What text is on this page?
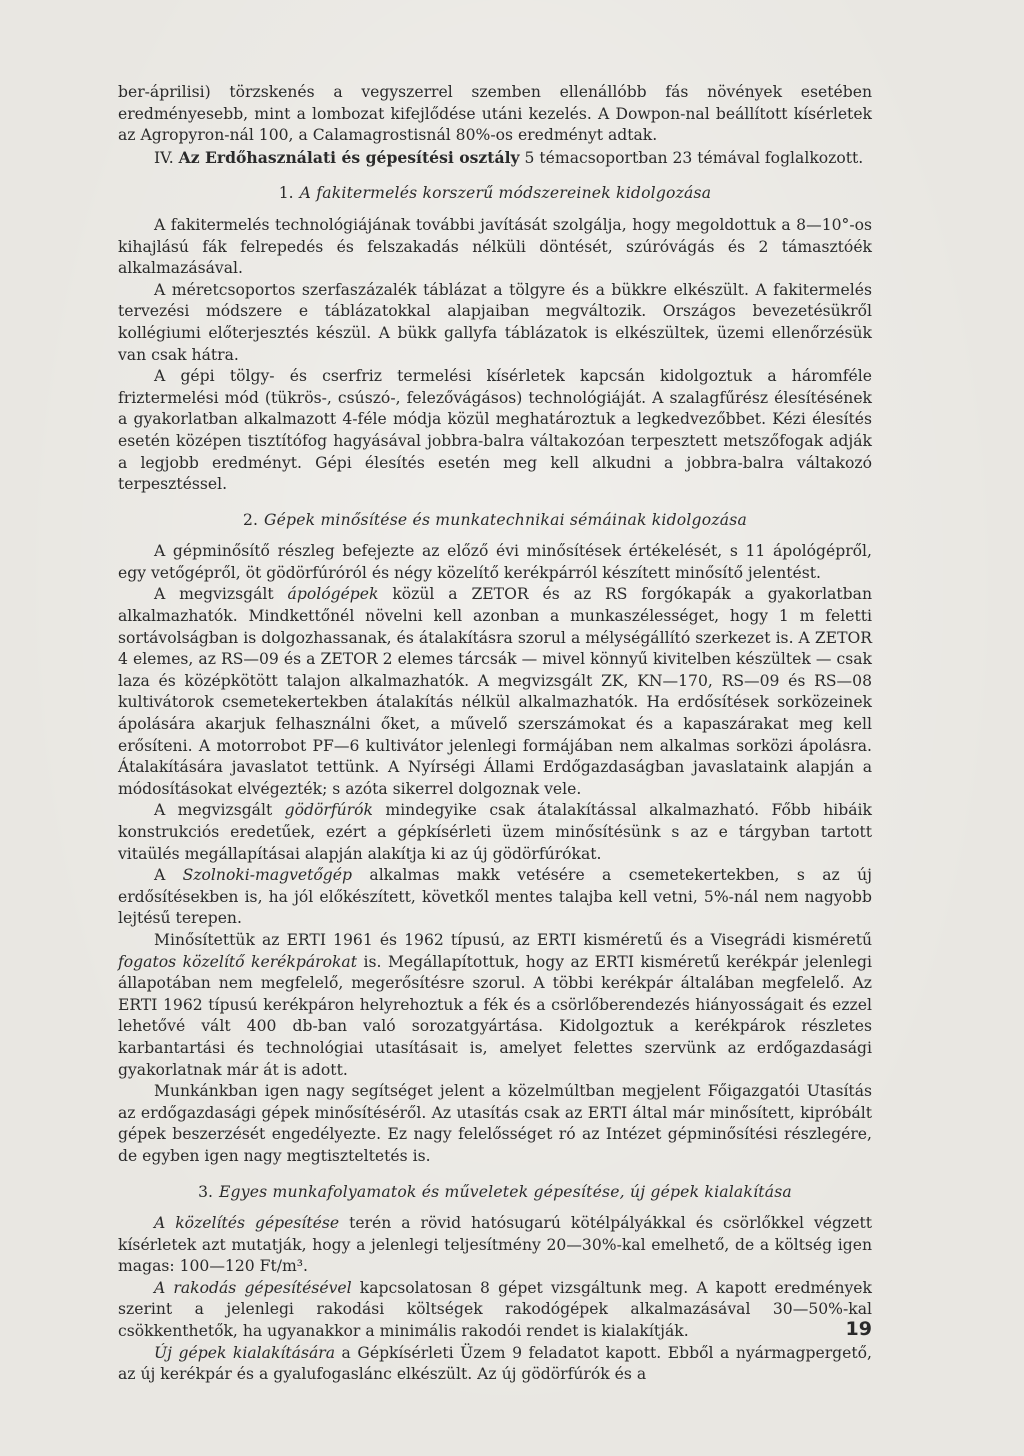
ber-áprilisi) törzskenés a vegyszerrel szemben ellenállóbb fás növények esetében eredményesebb, mint a lombozat kifejlődése utáni kezelés. A Dowpon-nal beállított kísérletek az Agropyron-nál 100, a Calamagrostisnál 80%-os eredményt adtak.

IV. Az Erdőhasználati és gépesítési osztály 5 témacsoportban 23 témával foglalkozott.

1. A fakitermelés korszerű módszereinek kidolgozása

A fakitermelés technológiájának további javítását szolgálja, hogy megoldottuk a 8—10°-os kihajlású fák felrepedés és felszakadás nélküli döntését, szúróvágás és 2 támasztóék alkalmazásával.

A méretcsoportos szerfaszázalék táblázat a tölgyre és a bükkre elkészült. A fakitermelés tervezési módszere e táblázatokkal alapjaiban megváltozik. Országos bevezetésükről kollégiumi előterjesztés készül. A bükk gallyfa táblázatok is elkészültek, üzemi ellenőrzésük van csak hátra.

A gépi tölgy- és cserfriz termelési kísérletek kapcsán kidolgoztuk a háromféle friztermelési mód (tükrös-, csúszó-, felezővágásos) technológiáját. A szalagfűrész élesítésének a gyakorlatban alkalmazott 4-féle módja közül meghatároztuk a legkedvezőbbet. Kézi élesítés esetén középen tisztítófog hagyásával jobbra-balra váltakozóan terpesztett metszőfogak adják a legjobb eredményt. Gépi élesítés esetén meg kell alkudni a jobbra-balra váltakozó terpesztéssel.

2. Gépek minősítése és munkatechnikai sémáinak kidolgozása

A gépminősítő részleg befejezte az előző évi minősítések értékelését, s 11 ápológépről, egy vetőgépről, öt gödörfúróról és négy közelítő kerékpárról készített minősítő jelentést.

A megvizsgált ápológépek közül a ZETOR és az RS forgókapák a gyakorlatban alkalmazhatók. Mindkettőnél növelni kell azonban a munkaszélességet, hogy 1 m feletti sortávolságban is dolgozhassanak, és átalakításra szorul a mélységállító szerkezet is. A ZETOR 4 elemes, az RS—09 és a ZETOR 2 elemes tárcsák — mivel könnyű kivitelben készültek — csak laza és középkötött talajon alkalmazhatók. A megvizsgált ZK, KN—170, RS—09 és RS—08 kultivátorok csemetekertekben átalakítás nélkül alkalmazhatók. Ha erdősítések sorközeinek ápolására akarjuk felhasználni őket, a művelő szerszámokat és a kapaszárakat meg kell erősíteni. A motorrobot PF—6 kultivátor jelenlegi formájában nem alkalmas sorközi ápolásra. Átalakítására javaslatot tettünk. A Nyírségi Állami Erdőgazdaságban javaslataink alapján a módosításokat elvégezték; s azóta sikerrel dolgoznak vele.

A megvizsgált gödörfúrók mindegyike csak átalakítással alkalmazható. Főbb hibáik konstrukciós eredetűek, ezért a gépkísérleti üzem minősítésünk s az e tárgyban tartott vitaülés megállapításai alapján alakítja ki az új gödörfúrókat.

A Szolnoki-magvetőgép alkalmas makk vetésére a csemetekertekben, s az új erdősítésekben is, ha jól előkészített, követkől mentes talajba kell vetni, 5%-nál nem nagyobb lejtésű terepen.

Minősítettük az ERTI 1961 és 1962 típusú, az ERTI kisméretű és a Visegrádi kisméretű fogatos közelítő kerékpárokat is. Megállapítottuk, hogy az ERTI kisméretű kerékpár jelenlegi állapotában nem megfelelő, megerősítésre szorul. A többi kerékpár általában megfelelő. Az ERTI 1962 típusú kerékpáron helyrehoztuk a fék és a csörlőberendezés hiányosságait és ezzel lehetővé vált 400 db-ban való sorozatgyártása. Kidolgoztuk a kerékpárok részletes karbantartási és technológiai utasításait is, amelyet felettes szervünk az erdőgazdasági gyakorlatnak már át is adott.

Munkánkban igen nagy segítséget jelent a közelmúltban megjelent Főigazgatói Utasítás az erdőgazdasági gépek minősítéséről. Az utasítás csak az ERTI által már minősített, kipróbált gépek beszerzését engedélyezte. Ez nagy felelősséget ró az Intézet gépminősítési részlegére, de egyben igen nagy megtiszteltetés is.

3. Egyes munkafolyamatok és műveletek gépesítése, új gépek kialakítása

A közelítés gépesítése terén a rövid hatósugarú kötélpályákkal és csörlőkkel végzett kísérletek azt mutatják, hogy a jelenlegi teljesítmény 20—30%-kal emelhető, de a költség igen magas: 100—120 Ft/m³.

A rakodás gépesítésével kapcsolatosan 8 gépet vizsgáltunk meg. A kapott eredmények szerint a jelenlegi rakodási költségek rakodógépek alkalmazásával 30—50%-kal csökkenthetők, ha ugyanakkor a minimális rakodói rendet is kialakítják.

Új gépek kialakítására a Gépkísérleti Üzem 9 feladatot kapott. Ebből a nyármagpergető, az új kerékpár és a gyalufogaslánc elkészült. Az új gödörfúrók és a

19
